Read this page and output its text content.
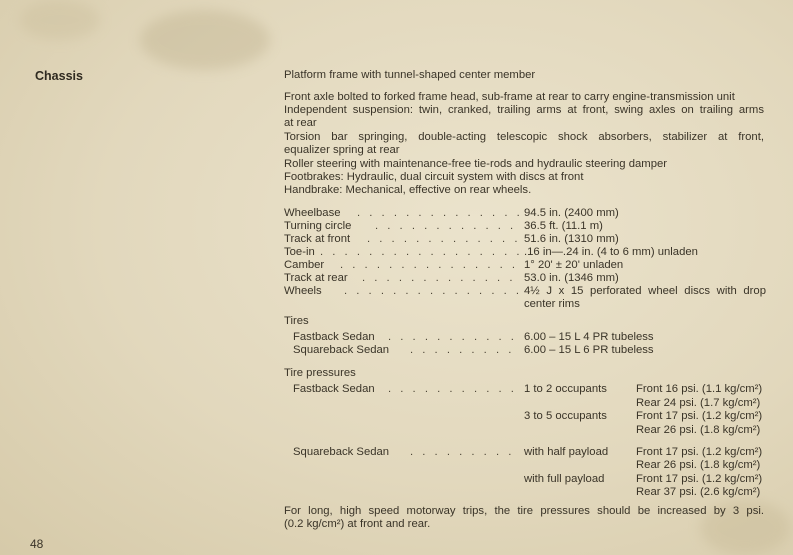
Chassis	Platform frame with tunnel-shaped center member
Front axle bolted to forked frame head, sub-frame at rear to carry engine-transmission unit
Independent suspension: twin, cranked, trailing arms at front, swing axles on trailing arms
at rear
Torsion bar springing, double-acting telescopic shock absorbers, stabilizer at front,
equalizer spring at rear
Roller steering with maintenance-free tie-rods and hydraulic steering damper
Footbrakes: Hydraulic, dual circuit system with discs at front
Handbrake: Mechanical, effective on rear wheels.
Wheelbase . . . . . . . . . . . . . . 94.5 in. (2400 mm)
Turning circle . . . . . . . . . . . . 36.5 ft. (11.1 m)
Track at front . . . . . . . . . . . . . 51.6 in. (1310 mm)
Toe-in . . . . . . . . . . . . . . . . . .16 in—.24 in. (4 to 6 mm) unladen
Camber . . . . . . . . . . . . . . . 1° 20' ± 20' unladen
Track at rear . . . . . . . . . . . . . 53.0 in. (1346 mm)
Wheels . . . . . . . . . . . . . . . 4½ J x 15 perforated wheel discs with drop
center rims
Tires
Fastback Sedan . . . . . . . . . . . 6.00 – 15 L 4 PR tubeless
Squareback Sedan . . . . . . . . . 6.00 – 15 L 6 PR tubeless
Tire pressures
Fastback Sedan . . . . . . . . . . . 1 to 2 occupants	Front 16 psi. (1.1 kg/cm²)
Rear 24 psi. (1.7 kg/cm²)
3 to 5 occupants	Front 17 psi. (1.2 kg/cm²)
Rear 26 psi. (1.8 kg/cm²)
Squareback Sedan . . . . . . . . . with half payload Front 17 psi. (1.2 kg/cm²)
Rear 26 psi. (1.8 kg/cm²)
with full payload	Front 17 psi. (1.2 kg/cm²)
Rear 37 psi. (2.6 kg/cm²)
For long, high speed motorway trips, the tire pressures should be increased by 3 psi.
(0.2 kg/cm²) at front and rear.
48
